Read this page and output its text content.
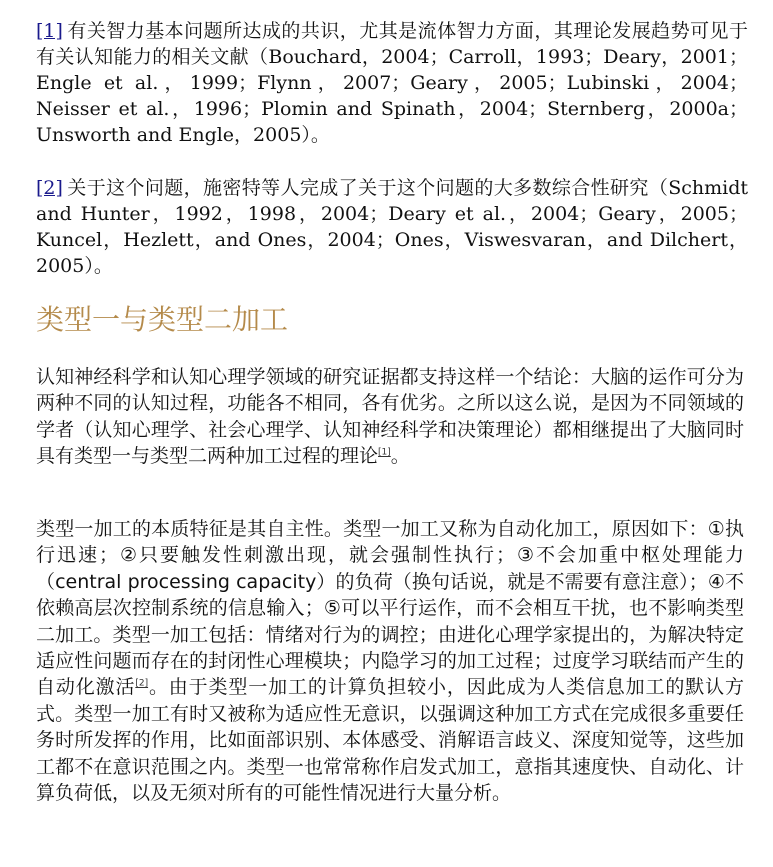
[1] 有关智力基本问题所达成的共识，尤其是流体智力方面，其理论发展趋势可见于有关认知能力的相关文献（Bouchard，2004；Carroll，1993；Deary，2001；Engle et al.，1999；Flynn，2007；Geary，2005；Lubinski，2004；Neisser et al.，1996；Plomin and Spinath，2004；Sternberg，2000a；Unsworth and Engle，2005）。
[2] 关于这个问题，施密特等人完成了关于这个问题的大多数综合性研究（Schmidt and Hunter，1992，1998，2004；Deary et al.，2004；Geary，2005；Kuncel，Hezlett，and Ones，2004；Ones，Viswesvaran，and Dilchert，2005）。
类型一与类型二加工

认知神经科学和认知心理学领域的研究证据都支持这样一个结论：大脑的运作可分为两种不同的认知过程，功能各不相同，各有优劣。之所以这么说，是因为不同领域的学者（认知心理学、社会心理学、认知神经科学和决策理论）都相继提出了大脑同时具有类型一与类型二两种加工过程的理论[1]。

类型一加工的本质特征是其自主性。类型一加工又称为自动化加工，原因如下：①执行迅速；②只要触发性刺激出现，就会强制性执行；③不会加重中枢处理能力（central processing capacity）的负荷（换句话说，就是不需要有意注意）；④不依赖高层次控制系统的信息输入；⑤可以平行运作，而不会相互干扰，也不影响类型二加工。类型一加工包括：情绪对行为的调控；由进化心理学家提出的，为解决特定适应性问题而存在的封闭性心理模块；内隐学习的加工过程；过度学习联结而产生的自动化激活[2]。由于类型一加工的计算负担较小，因此成为人类信息加工的默认方式。类型一加工有时又被称为适应性无意识，以强调这种加工方式在完成很多重要任务时所发挥的作用，比如面部识别、本体感受、消解语言歧义、深度知觉等，这些加工都不在意识范围之内。类型一也常常称作启发式加工，意指其速度快、自动化、计算负荷低，以及无须对所有的可能性情况进行大量分析。
